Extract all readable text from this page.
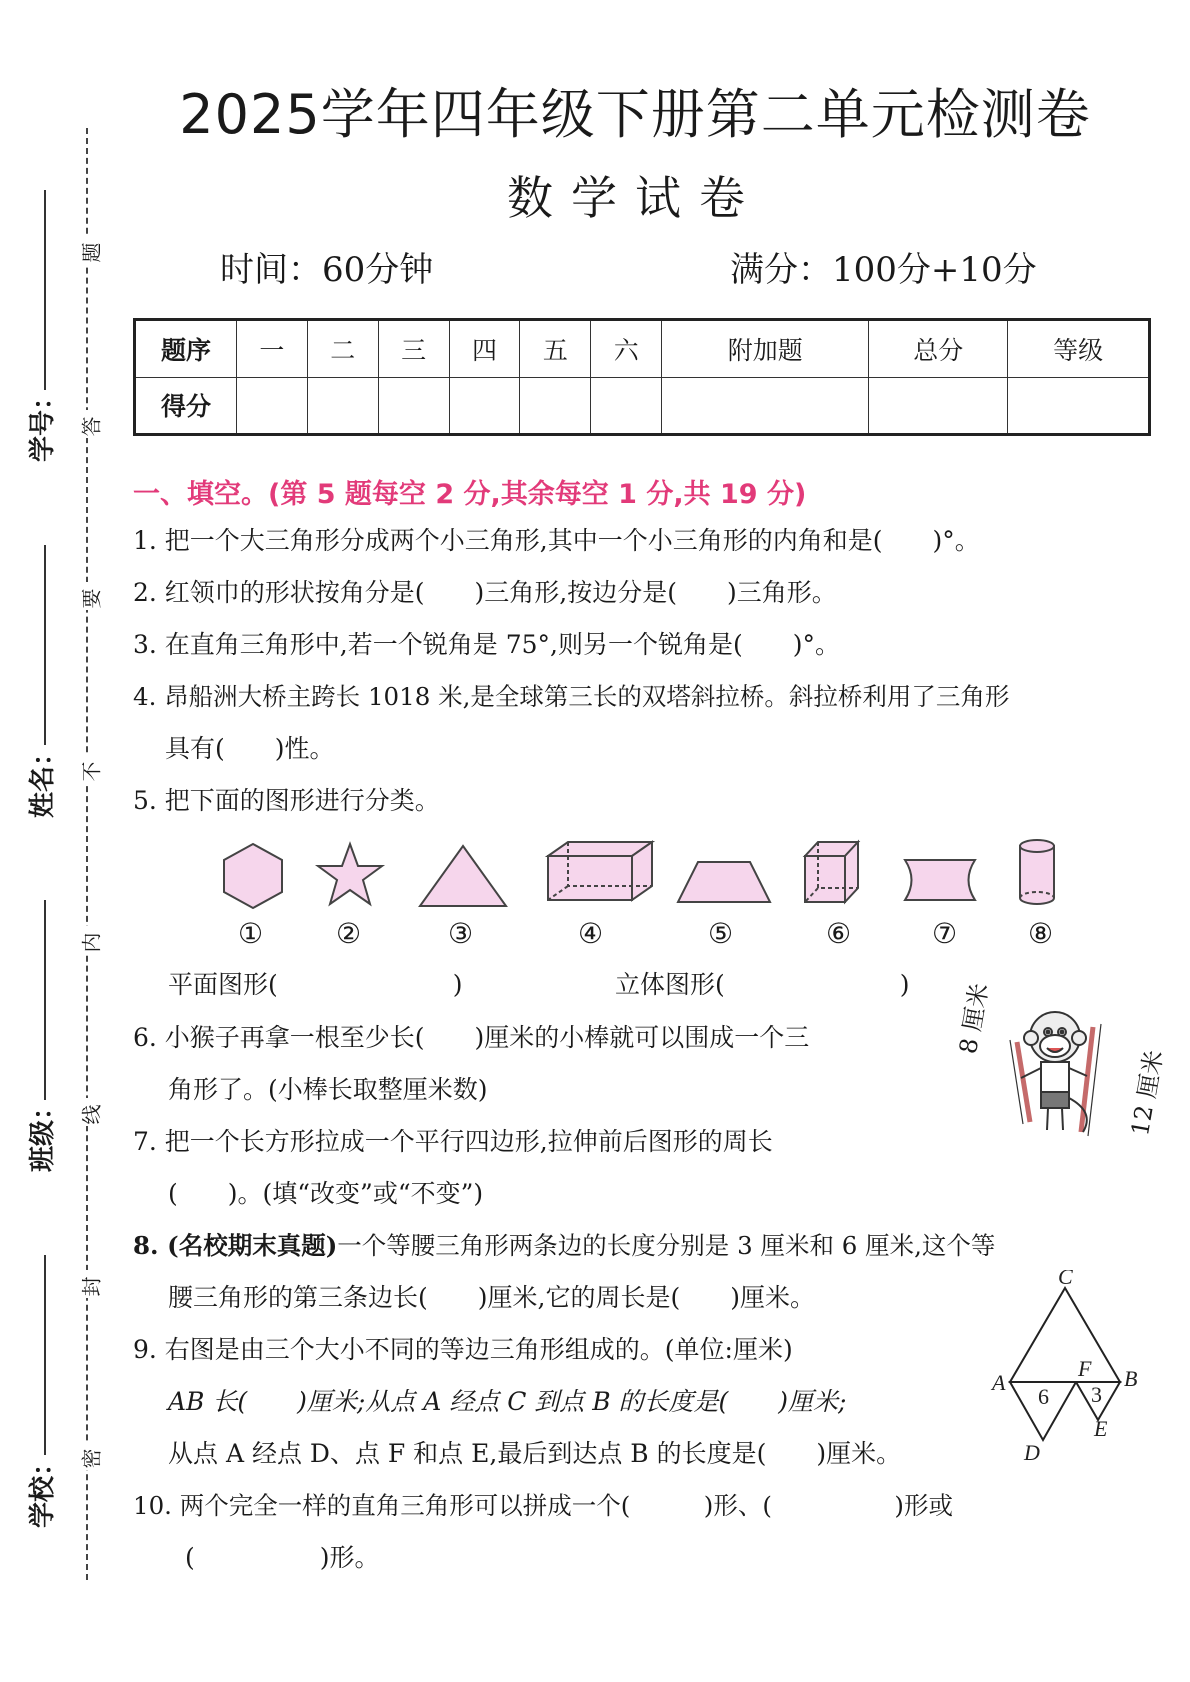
2025学年四年级下册第二单元检测卷
数学试卷
时间：60分钟	满分：100分+10分
题序	一	二	三	四	五	六	附加题	总分	等级
得分									
学号：
姓名：
班级：
学校：
题
答
要
不
内
线
封
密
一、填空。(第 5 题每空 2 分,其余每空 1 分,共 19 分)
1. 把一个大三角形分成两个小三角形,其中一个小三角形的内角和是(　　)°。
2. 红领巾的形状按角分是(　　)三角形,按边分是(　　)三角形。
3. 在直角三角形中,若一个锐角是 75°,则另一个锐角是(　　)°。
4. 昂船洲大桥主跨长 1018 米,是全球第三长的双塔斜拉桥。斜拉桥利用了三角形
具有(　　)性。
5. 把下面的图形进行分类。
①	②	③	④	⑤	⑥	⑦	⑧
平面图形(　　　　　　　)	立体图形(　　　　　　　)
6. 小猴子再拿一根至少长(　　)厘米的小棒就可以围成一个三
角形了。(小棒长取整厘米数)
8 厘米
12 厘米
7. 把一个长方形拉成一个平行四边形,拉伸前后图形的周长
(　　)。(填“改变”或“不变”)
8. (名校期末真题)一个等腰三角形两条边的长度分别是 3 厘米和 6 厘米,这个等
腰三角形的第三条边长(　　)厘米,它的周长是(　　)厘米。
9. 右图是由三个大小不同的等边三角形组成的。(单位:厘米)
AB 长(　　)厘米;从点 A 经点 C 到点 B 的长度是(　　)厘米;
从点 A 经点 D、点 F 和点 E,最后到达点 B 的长度是(　　)厘米。
C
A	B
F
D
E
6 3
10. 两个完全一样的直角三角形可以拼成一个(　　　)形、(　　　　　)形或
(　　　　　)形。
